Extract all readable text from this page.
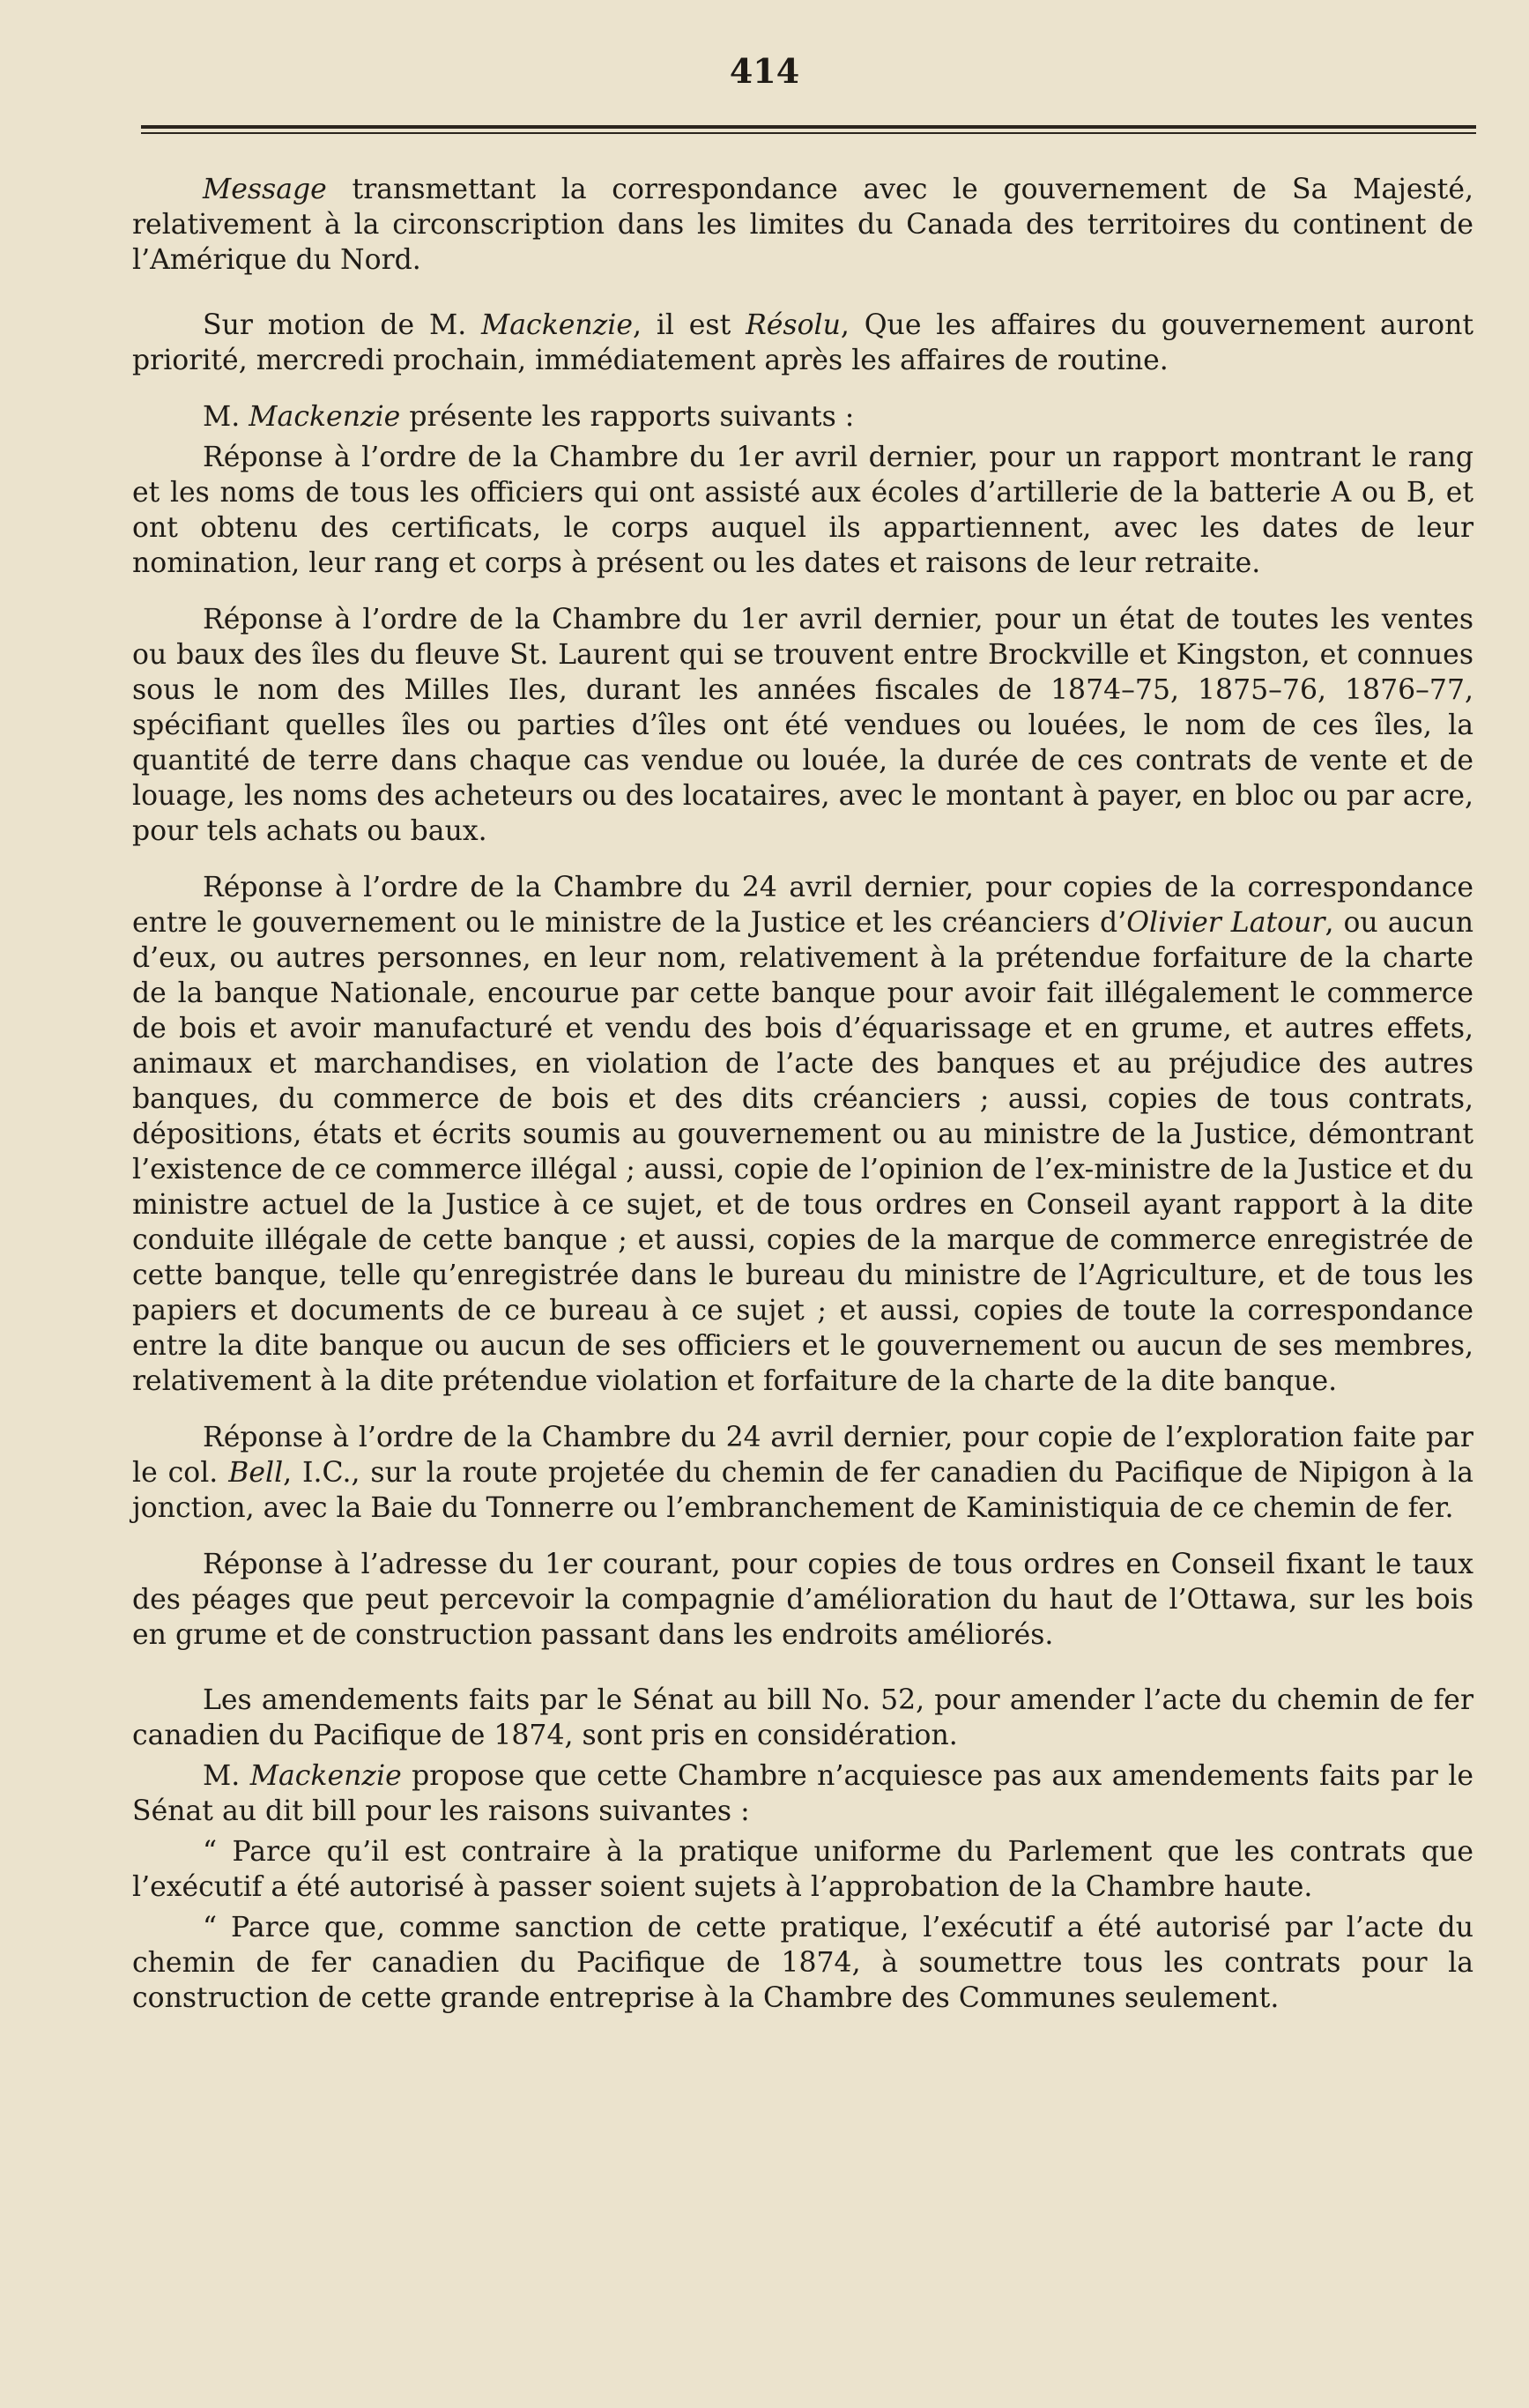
414

Message transmettant la correspondance avec le gouvernement de Sa Majesté, relativement à la circonscription dans les limites du Canada des territoires du continent de l’Amérique du Nord.

Sur motion de M. Mackenzie, il est Résolu, Que les affaires du gouvernement auront priorité, mercredi prochain, immédiatement après les affaires de routine.

M. Mackenzie présente les rapports suivants :

Réponse à l’ordre de la Chambre du 1er avril dernier, pour un rapport montrant le rang et les noms de tous les officiers qui ont assisté aux écoles d’artillerie de la batterie A ou B, et ont obtenu des certificats, le corps auquel ils appartiennent, avec les dates de leur nomination, leur rang et corps à présent ou les dates et raisons de leur retraite.

Réponse à l’ordre de la Chambre du 1er avril dernier, pour un état de toutes les ventes ou baux des îles du fleuve St. Laurent qui se trouvent entre Brockville et Kingston, et connues sous le nom des Milles Iles, durant les années fiscales de 1874–75, 1875–76, 1876–77, spécifiant quelles îles ou parties d’îles ont été vendues ou louées, le nom de ces îles, la quantité de terre dans chaque cas vendue ou louée, la durée de ces contrats de vente et de louage, les noms des acheteurs ou des locataires, avec le montant à payer, en bloc ou par acre, pour tels achats ou baux.

Réponse à l’ordre de la Chambre du 24 avril dernier, pour copies de la correspondance entre le gouvernement ou le ministre de la Justice et les créanciers d’Olivier Latour, ou aucun d’eux, ou autres personnes, en leur nom, relativement à la prétendue forfaiture de la charte de la banque Nationale, encourue par cette banque pour avoir fait illégalement le commerce de bois et avoir manufacturé et vendu des bois d’équarissage et en grume, et autres effets, animaux et marchandises, en violation de l’acte des banques et au préjudice des autres banques, du commerce de bois et des dits créanciers ; aussi, copies de tous contrats, dépositions, états et écrits soumis au gouvernement ou au ministre de la Justice, démontrant l’existence de ce commerce illégal ; aussi, copie de l’opinion de l’ex-ministre de la Justice et du ministre actuel de la Justice à ce sujet, et de tous ordres en Conseil ayant rapport à la dite conduite illégale de cette banque ; et aussi, copies de la marque de commerce enregistrée de cette banque, telle qu’enregistrée dans le bureau du ministre de l’Agriculture, et de tous les papiers et documents de ce bureau à ce sujet ; et aussi, copies de toute la correspondance entre la dite banque ou aucun de ses officiers et le gouvernement ou aucun de ses membres, relativement à la dite prétendue violation et forfaiture de la charte de la dite banque.

Réponse à l’ordre de la Chambre du 24 avril dernier, pour copie de l’exploration faite par le col. Bell, I.C., sur la route projetée du chemin de fer canadien du Pacifique de Nipigon à la jonction, avec la Baie du Tonnerre ou l’embranchement de Kaministiquia de ce chemin de fer.

Réponse à l’adresse du 1er courant, pour copies de tous ordres en Conseil fixant le taux des péages que peut percevoir la compagnie d’amélioration du haut de l’Ottawa, sur les bois en grume et de construction passant dans les endroits améliorés.

Les amendements faits par le Sénat au bill No. 52, pour amender l’acte du chemin de fer canadien du Pacifique de 1874, sont pris en considération.

M. Mackenzie propose que cette Chambre n’acquiesce pas aux amendements faits par le Sénat au dit bill pour les raisons suivantes :

“ Parce qu’il est contraire à la pratique uniforme du Parlement que les contrats que l’exécutif a été autorisé à passer soient sujets à l’approbation de la Chambre haute.

“ Parce que, comme sanction de cette pratique, l’exécutif a été autorisé par l’acte du chemin de fer canadien du Pacifique de 1874, à soumettre tous les contrats pour la construction de cette grande entreprise à la Chambre des Communes seulement.
